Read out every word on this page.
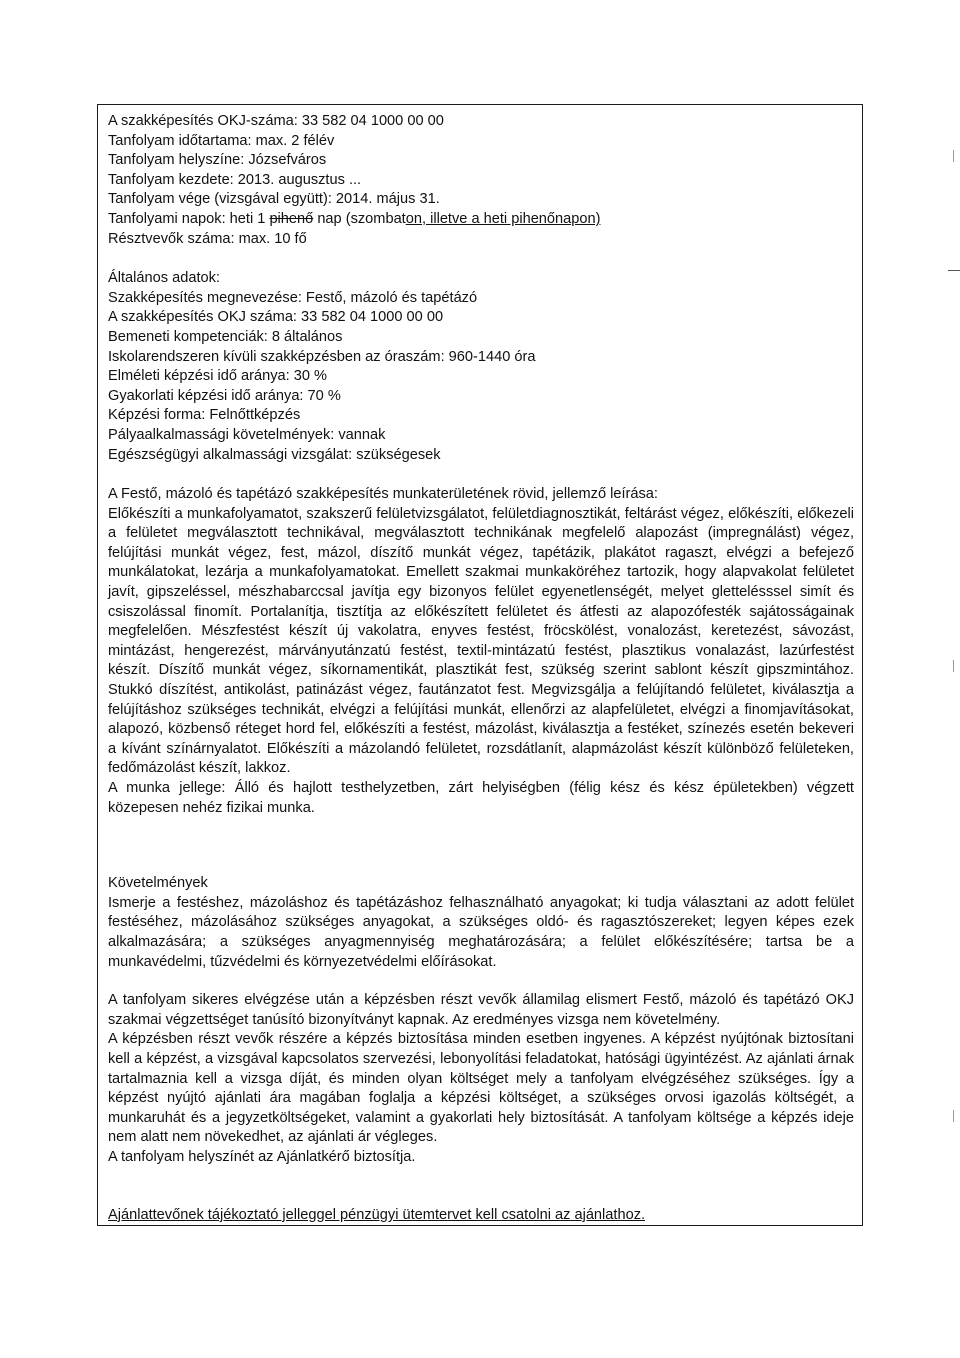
A szakképesítés OKJ-száma: 33 582 04 1000 00 00
Tanfolyam időtartama: max. 2 félév
Tanfolyam helyszíne: Józsefváros
Tanfolyam kezdete: 2013. augusztus ...
Tanfolyam vége (vizsgával együtt): 2014. május 31.
Tanfolyami napok: heti 1 pihenő nap (szombaton, illetve a heti pihenőnapon)
Résztvevők száma: max. 10 fő
Általános adatok:
Szakképesítés megnevezése: Festő, mázoló és tapétázó
A szakképesítés OKJ száma: 33 582 04 1000 00 00
Bemeneti kompetenciák: 8 általános
Iskolarendszeren kívüli szakképzésben az óraszám: 960-1440 óra
Elméleti képzési idő aránya: 30 %
Gyakorlati képzési idő aránya: 70 %
Képzési forma: Felnőttképzés
Pályaalkalmassági követelmények: vannak
Egészségügyi alkalmassági vizsgálat: szükségesek
A Festő, mázoló és tapétázó szakképesítés munkaterületének rövid, jellemző leírása:
Előkészíti a munkafolyamatot, szakszerű felületvizsgálatot, felületdiagnosztikát, feltárást végez, előkészíti, előkezeli a felületet megválasztott technikával, megválasztott technikának megfelelő alapozást (impregnálást) végez, felújítási munkát végez, fest, mázol, díszítő munkát végez, tapétázik, plakátot ragaszt, elvégzi a befejező munkálatokat, lezárja a munkafolyamatokat. Emellett szakmai munkaköréhez tartozik, hogy alapvakolat felületet javít, gipszeléssel, mészhabarccsal javítja egy bizonyos felület egyenetlenségét, melyet glettelésssel simít és csiszolással finomít. Portalanítja, tisztítja az előkészített felületet és átfesti az alapozófesték sajátosságainak megfelelően. Mészfestést készít új vakolatra, enyves festést, fröcskölést, vonalozást, keretezést, sávozást, mintázást, hengerezést, márványutánzatú festést, textil-mintázatú festést, plasztikus vonalazást, lazúrfestést készít. Díszítő munkát végez, síkornamentikát, plasztikát fest, szükség szerint sablont készít gipszmintához. Stukkó díszítést, antikolást, patinázást végez, fautánzatot fest. Megvizsgálja a felújítandó felületet, kiválasztja a felújításhoz szükséges technikát, elvégzi a felújítási munkát, ellenőrzi az alapfelületet, elvégzi a finomjavításokat, alapozó, közbenső réteget hord fel, előkészíti a festést, mázolást, kiválasztja a festéket, színezés esetén bekeveri a kívánt színárnyalatot. Előkészíti a mázolandó felületet, rozsdátlanít, alapmázolást készít különböző felületeken, fedőmázolást készít, lakkoz.
A munka jellege: Álló és hajlott testhelyzetben, zárt helyiségben (félig kész és kész épületekben) végzett közepesen nehéz fizikai munka.
Követelmények
Ismerje a festéshez, mázoláshoz és tapétázáshoz felhasználható anyagokat; ki tudja választani az adott felület festéséhez, mázolásához szükséges anyagokat, a szükséges oldó- és ragasztószereket; legyen képes ezek alkalmazására; a szükséges anyagmennyiség meghatározására; a felület előkészítésére; tartsa be a munkavédelmi, tűzvédelmi és környezetvédelmi előírásokat.
A tanfolyam sikeres elvégzése után a képzésben részt vevők államilag elismert Festő, mázoló és tapétázó OKJ szakmai végzettséget tanúsító bizonyítványt kapnak. Az eredményes vizsga nem követelmény.
A képzésben részt vevők részére a képzés biztosítása minden esetben ingyenes. A képzést nyújtónak biztosítani kell a képzést, a vizsgával kapcsolatos szervezési, lebonyolítási feladatokat, hatósági ügyintézést. Az ajánlati árnak tartalmaznia kell a vizsga díját, és minden olyan költséget mely a tanfolyam elvégzéséhez szükséges. Így a képzést nyújtó ajánlati ára magában foglalja a képzési költséget, a szükséges orvosi igazolás költségét, a munkaruhát és a jegyzetköltségeket, valamint a gyakorlati hely biztosítását. A tanfolyam költsége a képzés ideje nem alatt nem növekedhet, az ajánlati ár végleges.
A tanfolyam helyszínét az Ajánlatkérő biztosítja.
Ajánlattevőnek tájékoztató jelleggel pénzügyi ütemtervet kell csatolni az ajánlathoz.
